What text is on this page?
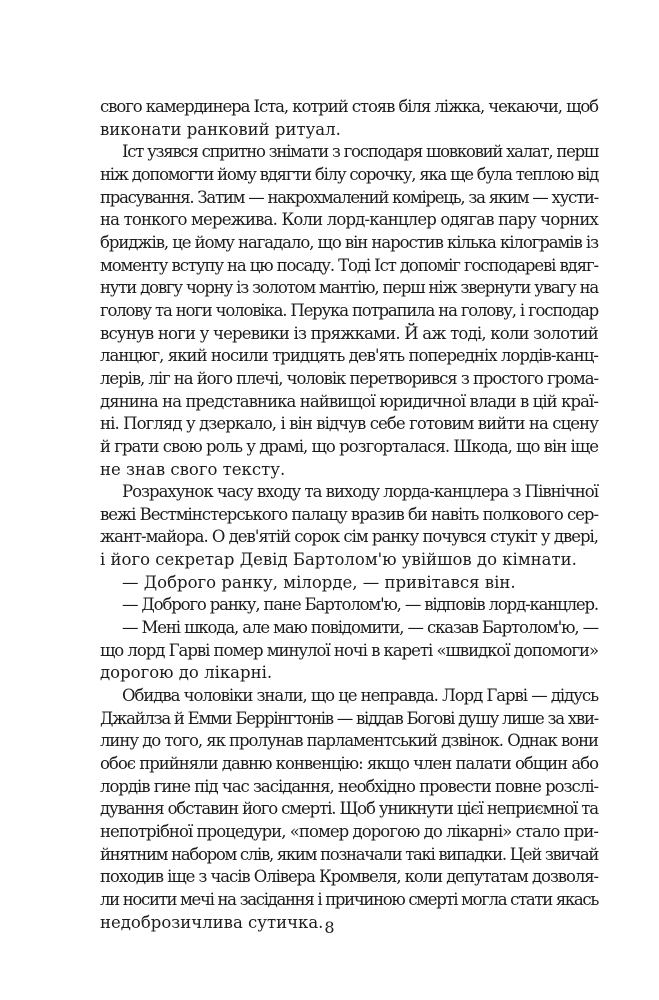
свого камердинера Іста, котрий стояв біля ліжка, чекаючи, щоб
виконати ранковий ритуал.

Іст узявся спритно знімати з господаря шовковий халат, перш
ніж допомогти йому вдягти білу сорочку, яка ще була теплою від
прасування. Затим — накрохмалений комірець, за яким — хусти-
на тонкого мережива. Коли лорд-канцлер одягав пару чорних
бриджів, це йому нагадало, що він наростив кілька кілограмів із
моменту вступу на цю посаду. Тоді Іст допоміг господареві вдяг-
нути довгу чорну із золотом мантію, перш ніж звернути увагу на
голову та ноги чоловіка. Перука потрапила на голову, і господар
всунув ноги у черевики із пряжками. Й аж тоді, коли золотий
ланцюг, який носили тридцять дев'ять попередніх лордів-канц-
лерів, ліг на його плечі, чоловік перетворився з простого грома-
дянина на представника найвищої юридичної влади в цій краї-
ні. Погляд у дзеркало, і він відчув себе готовим вийти на сцену
й грати свою роль у драмі, що розгорталася. Шкода, що він іще
не знав свого тексту.

Розрахунок часу входу та виходу лорда-канцлера з Північної
вежі Вестмінстерського палацу вразив би навіть полкового сер-
жант-майора. О дев'ятій сорок сім ранку почувся стукіт у двері,
і його секретар Девід Бартолом'ю увійшов до кімнати.

— Доброго ранку, мілорде, — привітався він.

— Доброго ранку, пане Бартолом'ю, — відповів лорд-канцлер.

— Мені шкода, але маю повідомити, — сказав Бартолом'ю, —
що лорд Гарві помер минулої ночі в кареті «швидкої допомоги»
дорогою до лікарні.

Обидва чоловіки знали, що це неправда. Лорд Гарві — дідусь
Джайлза й Емми Беррінгтонів — віддав Богові душу лише за хви-
лину до того, як пролунав парламентський дзвінок. Однак вони
обоє прийняли давню конвенцію: якщо член палати общин або
лордів гине під час засідання, необхідно провести повне розслі-
дування обставин його смерті. Щоб уникнути цієї неприємної та
непотрібної процедури, «помер дорогою до лікарні» стало при-
йнятним набором слів, яким позначали такі випадки. Цей звичай
походив іще з часів Олівера Кромвеля, коли депутатам дозволя-
ли носити мечі на засідання і причиною смерті могла стати якась
недоброзичлива сутичка. 8
